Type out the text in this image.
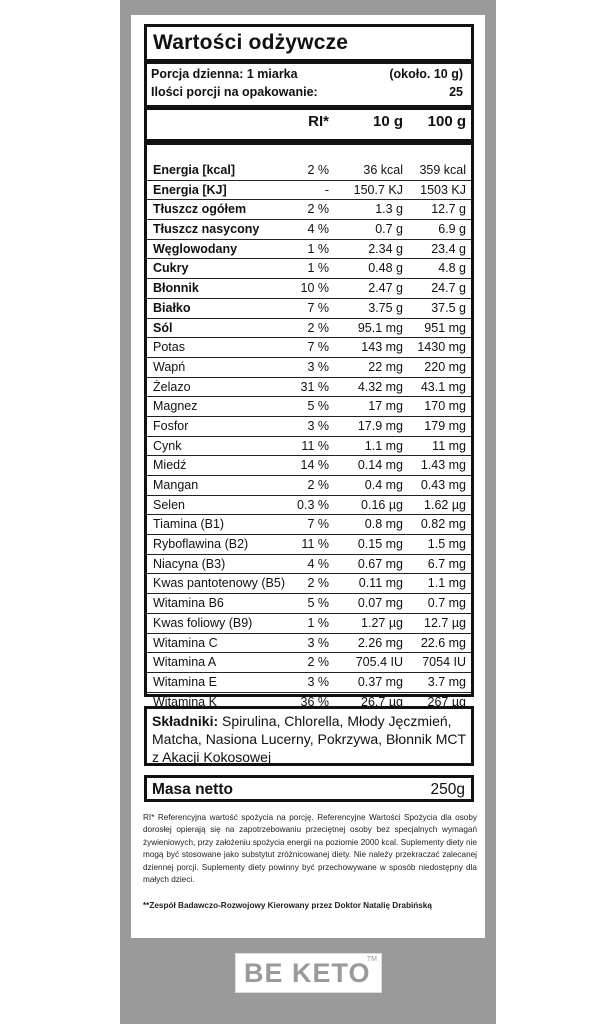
Wartości odżywcze
Porcja dzienna: 1 miarka	(około. 10 g)
Ilości porcji na opakowanie:	25
RI*	10 g 100 g
Energia [kcal]	2 %	36 kcal 359 kcal
Energia [KJ]	- 150.7 KJ 1503 KJ
Tłuszcz ogółem	2 %	1.3 g 12.7 g
Tłuszcz nasycony	4 %	0.7 g	6.9 g
Węglowodany	1 %	2.34 g 23.4 g
Cukry	1 %	0.48 g	4.8 g
Błonnik	10 %	2.47 g 24.7 g
Białko	7 %	3.75 g 37.5 g
Sól	2 % 95.1 mg 951 mg
Potas	7 %	143 mg 1430 mg
Wapń	3 %	22 mg 220 mg
Żelazo	31 % 4.32 mg 43.1 mg
Magnez	5 %	17 mg 170 mg
Fosfor	3 % 17.9 mg 179 mg
Cynk	11 %	1.1 mg 11 mg
Miedź	14 % 0.14 mg 1.43 mg
Mangan	2 %	0.4 mg 0.43 mg
Selen	0.3 %	0.16 µg 1.62 µg
Tiamina (B1)	7 %	0.8 mg 0.82 mg
Ryboflawina (B2)	11 % 0.15 mg 1.5 mg
Niacyna (B3)	4 % 0.67 mg 6.7 mg
Kwas pantotenowy (B5) 2 % 0.11 mg 1.1 mg
Witamina B6	5 % 0.07 mg 0.7 mg
Kwas foliowy (B9)	1 %	1.27 µg 12.7 µg
Witamina C	3 % 2.26 mg 22.6 mg
Witamina A	2 % 705.4 IU 7054 IU
Witamina E	3 % 0.37 mg 3.7 mg
Witamina K	36 %	26.7 µg 267 µg
Składniki: Spirulina, Chlorella, Młody Jęczmień, Matcha, Nasiona Lucerny, Pokrzywa, Błonnik MCT z Akacji Kokosowej
Masa netto	250g
RI* Referencyjna wartość spożycia na porcję. Referencyjne Wartości Spożycia dla osoby dorosłej opierają się na zapotrzebowaniu przeciętnej osoby bez specjalnych wymagań żywieniowych, przy założeniu spożycia energii na poziomie 2000 kcal. Suplementy diety nie mogą być stosowane jako substytut zróżnicowanej diety. Nie należy przekraczać zalecanej dziennej porcji. Suplementy diety powinny być przechowywane w sposób niedostępny dla małych dzieci.
**Zespół Badawczo-Rozwojowy Kierowany przez Doktor Natalię Drabińską
BE KETO
TM
